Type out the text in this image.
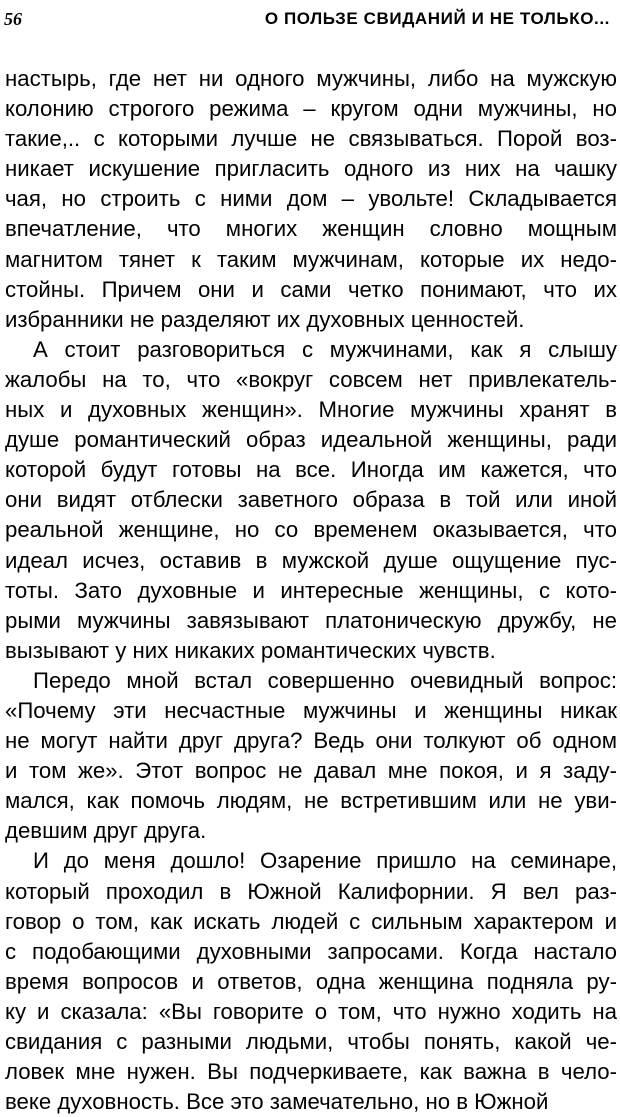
56	О ПОЛЬЗЕ СВИДАНИЙ И НЕ ТОЛЬКО...
настырь, где нет ни одного мужчины, либо на мужскую
колонию строгого режима – кругом одни мужчины, но
такие,.. с которыми лучше не связываться. Порой воз-
никает искушение пригласить одного из них на чашку
чая, но строить с ними дом – увольте! Складывается
впечатление, что многих женщин словно мощным
магнитом тянет к таким мужчинам, которые их недо-
стойны. Причем они и сами четко понимают, что их
избранники не разделяют их духовных ценностей.
А стоит разговориться с мужчинами, как я слышу
жалобы на то, что «вокруг совсем нет привлекатель-
ных и духовных женщин». Многие мужчины хранят в
душе романтический образ идеальной женщины, ради
которой будут готовы на все. Иногда им кажется, что
они видят отблески заветного образа в той или иной
реальной женщине, но со временем оказывается, что
идеал исчез, оставив в мужской душе ощущение пус-
тоты. Зато духовные и интересные женщины, с кото-
рыми мужчины завязывают платоническую дружбу, не
вызывают у них никаких романтических чувств.
Передо мной встал совершенно очевидный вопрос:
«Почему эти несчастные мужчины и женщины никак
не могут найти друг друга? Ведь они толкуют об одном
и том же». Этот вопрос не давал мне покоя, и я заду-
мался, как помочь людям, не встретившим или не уви-
девшим друг друга.
И до меня дошло! Озарение пришло на семинаре,
который проходил в Южной Калифорнии. Я вел раз-
говор о том, как искать людей с сильным характером и
с подобающими духовными запросами. Когда настало
время вопросов и ответов, одна женщина подняла ру-
ку и сказала: «Вы говорите о том, что нужно ходить на
свидания с разными людьми, чтобы понять, какой че-
ловек мне нужен. Вы подчеркиваете, как важна в чело-
веке духовность. Все это замечательно, но в Южной
